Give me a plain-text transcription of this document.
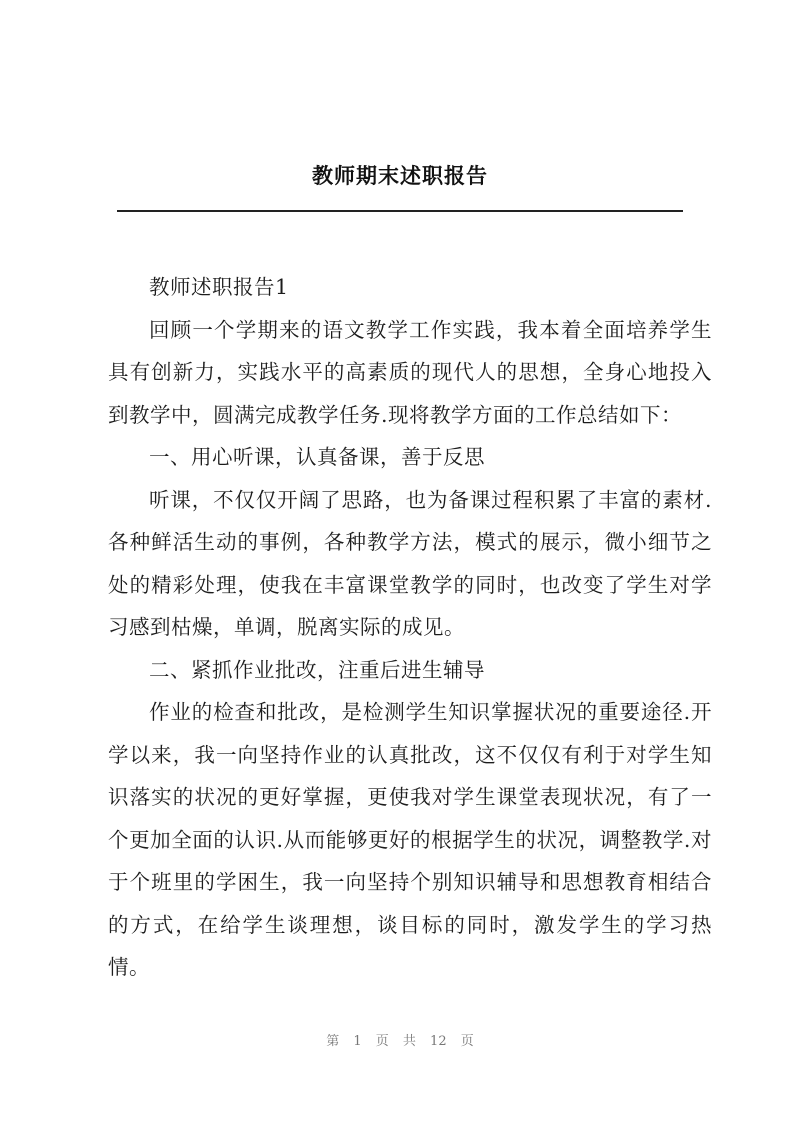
教师期末述职报告

教师述职报告1

回顾一个学期来的语文教学工作实践，我本着全面培养学生具有创新力，实践水平的高素质的现代人的思想，全身心地投入到教学中，圆满完成教学任务.现将教学方面的工作总结如下：

一、用心听课，认真备课，善于反思

听课，不仅仅开阔了思路，也为备课过程积累了丰富的素材.各种鲜活生动的事例，各种教学方法，模式的展示，微小细节之处的精彩处理，使我在丰富课堂教学的同时，也改变了学生对学习感到枯燥，单调，脱离实际的成见。

二、紧抓作业批改，注重后进生辅导

作业的检查和批改，是检测学生知识掌握状况的重要途径.开学以来，我一向坚持作业的认真批改，这不仅仅有利于对学生知识落实的状况的更好掌握，更使我对学生课堂表现状况，有了一个更加全面的认识.从而能够更好的根据学生的状况，调整教学.对于个班里的学困生，我一向坚持个别知识辅导和思想教育相结合的方式，在给学生谈理想，谈目标的同时，激发学生的学习热情。

第 1 页 共 12 页
